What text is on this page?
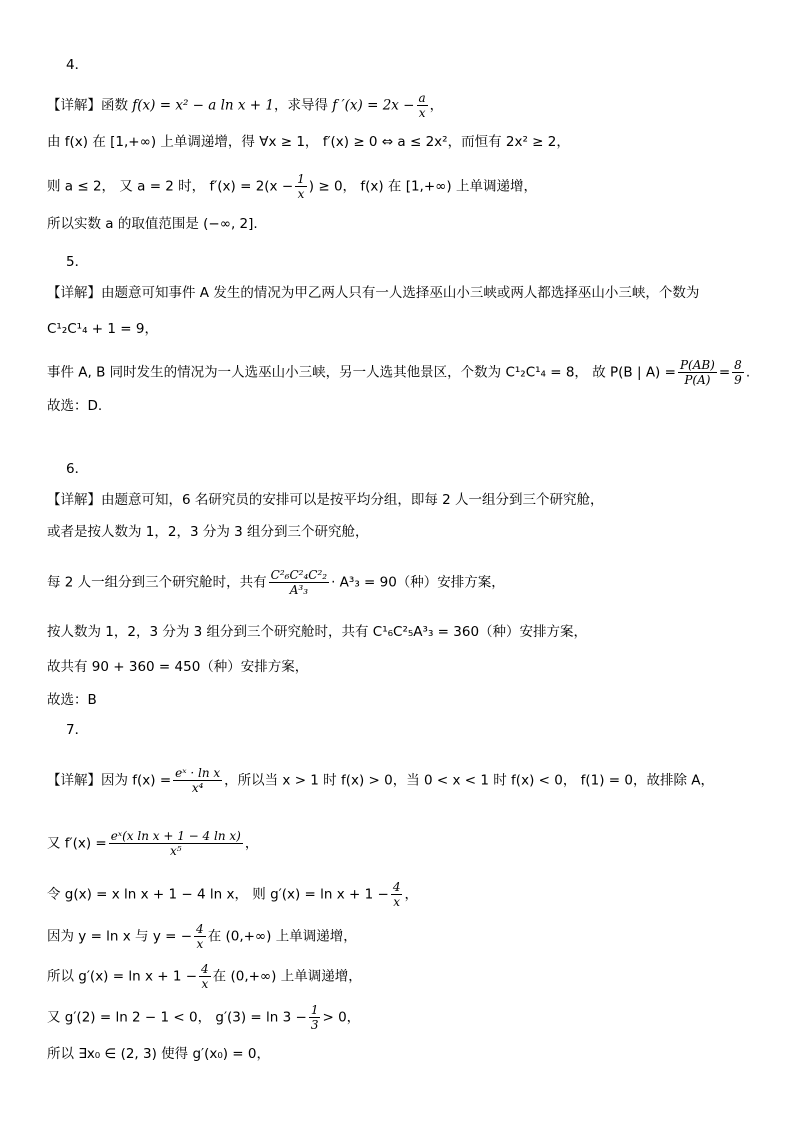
4．
【详解】函数 f(x) = x² − a ln x + 1，求导得 f $'(x) = 2x - \frac{a}{x}$ ，
由 f(x) 在 [1,+∞) 上单调递增，得 ∀x ≥ 1， f′(x) ≥ 0 ⇔ a ≤ 2x²，而恒有 2x² ≥ 2，
则 a ≤ 2， 又 a = 2 时， $f'(x) = 2(x - \frac{1}{x}$ ) ≥ 0， f(x) 在 [1,+∞) 上单调递增，
所以实数 a 的取值范围是 (−∞, 2].
5．
【详解】由题意可知事件 A 发生的情况为甲乙两人只有一人选择巫山小三峡或两人都选择巫山小三峡，个数为
C¹₂C¹₄ + 1 = 9，
事件 A, B 同时发生的情况为一人选巫山小三峡，另一人选其他景区，个数为 C¹₂C¹₄ = 8， 故 P(B | $A) = \frac{P(AB)}{P(A)} = \frac{8}{9}$ .
故选：D.
6．
【详解】由题意可知，6 名研究员的安排可以是按平均分组，即每 2 人一组分到三个研究舱，
或者是按人数为 1，2，3 分为 3 组分到三个研究舱，
每 2 人一组分到三个研究舱时，共有 $\frac{\text{C²₆C²₄C²₂}}{\text{A³₃}} \cdot A^3_3 = 90$（种）安排方案，
按人数为 1，2，3 分为 3 组分到三个研究舱时，共有 C¹₆C²₅A³₃ = 360（种）安排方案，
故共有 90 + 360 = 450（种）安排方案，
故选：B
7．
【详解】因为 $f(x) = \frac{\text{eˣ · ln x}}{\text{x⁴}}$ ，所以当 x > 1 时 f(x) > 0，当 0 < x < 1 时 f(x) < 0， f(1) = 0，故排除 A，
又 $f'(x) = \frac{\text{eˣ(x ln x + 1 − 4 ln x)}}{\text{x⁵}}$ ，
令 g(x) = x ln x + 1 − 4 ln x， 则 $g'(x) = \ln x + 1 - \frac{4}{x}$ ，
因为 y = ln x 与 y = − $\frac{4}{x}$ 在 (0,+∞) 上单调递增，
所以 $g'(x) = \ln x + 1 - \frac{4}{x}$ 在 (0,+∞) 上单调递增，
又 g′(2) = ln 2 − 1 < 0， $g'(3) = \ln 3 - \frac{1}{3} > 0$，
所以 ∃x₀ ∈ (2, 3) 使得 g′(x₀) = 0，
